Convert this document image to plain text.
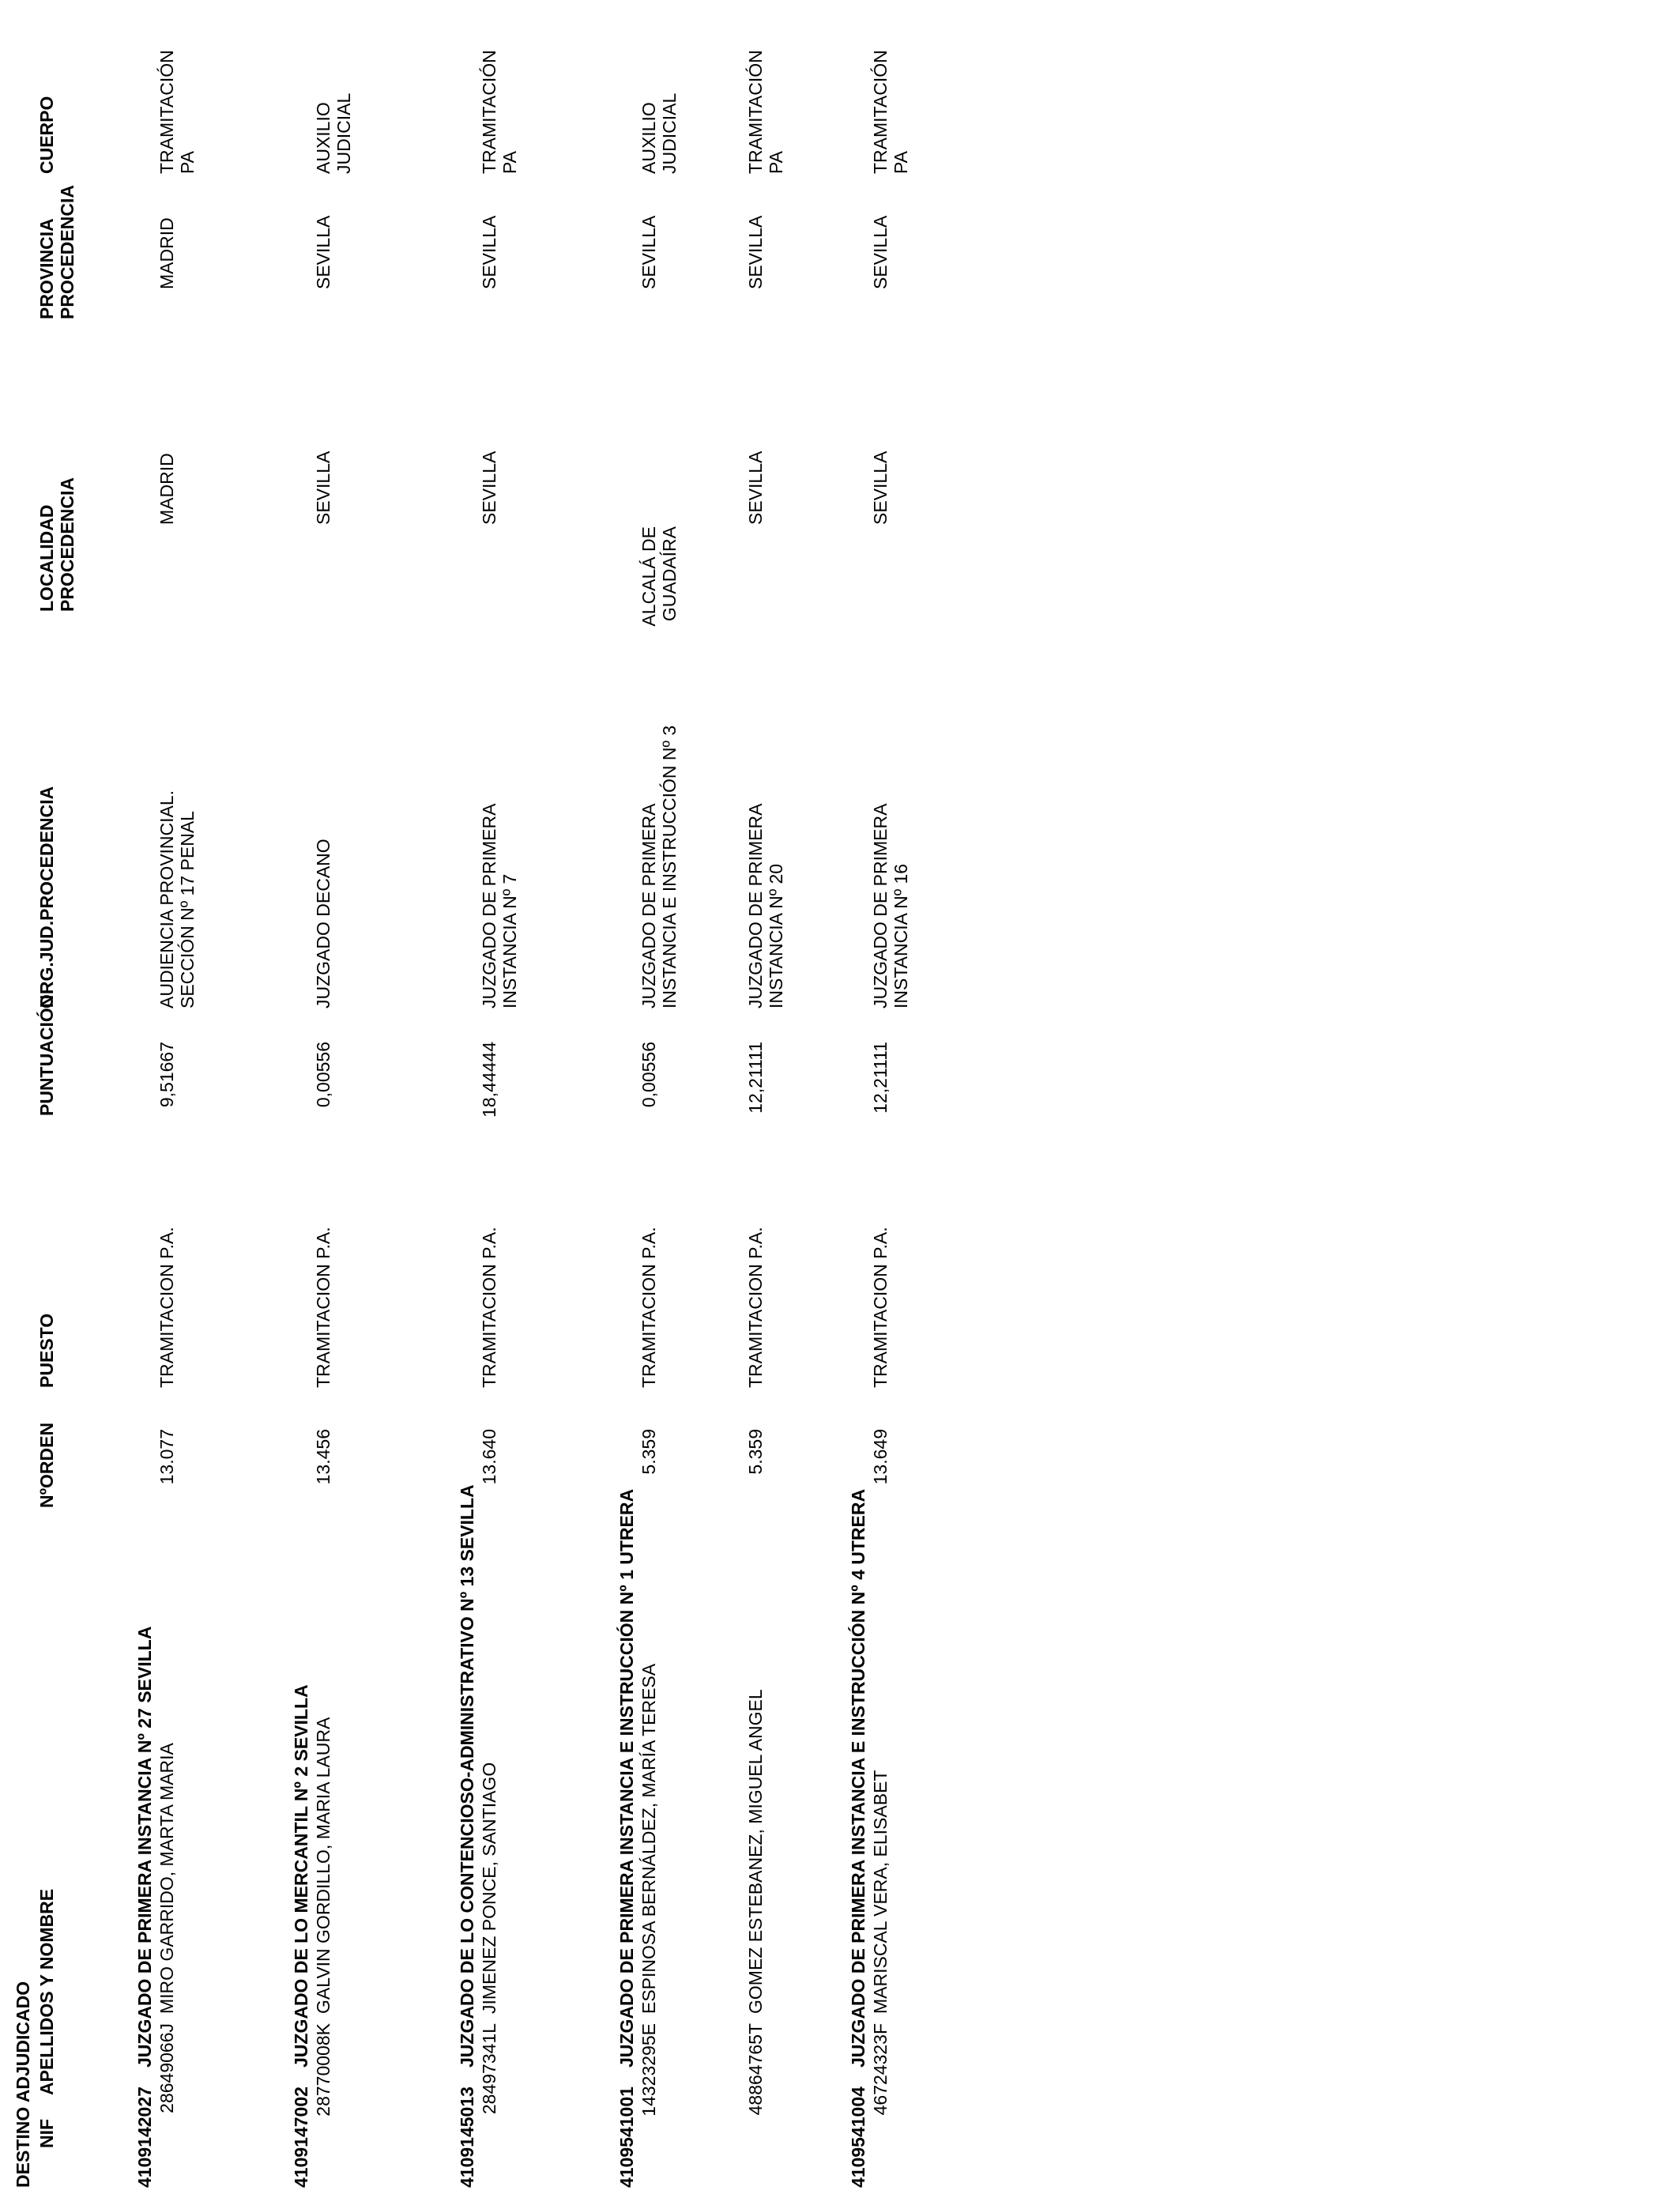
DESTINO ADJUDICADO NIF
APELLIDOS Y NOMBRE
NºORDEN
PUESTO
PUNTUACIÓN
ORG.JUD.PROCEDENCIA
LOCALIDAD PROCEDENCIA
PROVINCIA PROCEDENCIA
CUERPO
4109142027
JUZGADO DE PRIMERA INSTANCIA Nº 27 SEVILLA
28649066J
MIRO GARRIDO, MARTA MARIA
13.077
TRAMITACION P.A.
9,51667
AUDIENCIA PROVINCIAL. SECCIÓN Nº 17 PENAL
MADRID
MADRID
TRAMITACIÓN PA
4109147002
JUZGADO DE LO MERCANTIL Nº 2 SEVILLA
28770008K
GALVIN GORDILLO, MARIA LAURA
13.456
TRAMITACION P.A.
0,00556
JUZGADO DECANO
SEVILLA
SEVILLA
AUXILIO JUDICIAL
4109145013
JUZGADO DE LO CONTENCIOSO-ADMINISTRATIVO Nº 13 SEVILLA
28497341L
JIMENEZ PONCE, SANTIAGO
13.640
TRAMITACION P.A.
18,44444
JUZGADO DE PRIMERA INSTANCIA Nº 7
SEVILLA
SEVILLA
TRAMITACIÓN PA
4109541001
JUZGADO DE PRIMERA INSTANCIA E INSTRUCCIÓN Nº 1 UTRERA
14323295E
ESPINOSA BERNÁLDEZ, MARÍA TERESA
5.359
TRAMITACION P.A.
0,00556
JUZGADO DE PRIMERA INSTANCIA E INSTRUCCIÓN Nº 3
ALCALÁ DE GUADAÍRA
SEVILLA
AUXILIO JUDICIAL
48864765T
GOMEZ ESTEBANEZ, MIGUEL ANGEL
5.359
TRAMITACION P.A.
12,21111
JUZGADO DE PRIMERA INSTANCIA Nº 20
SEVILLA
SEVILLA
TRAMITACIÓN PA
4109541004
JUZGADO DE PRIMERA INSTANCIA E INSTRUCCIÓN Nº 4 UTRERA
46724323F
MARISCAL VERA, ELISABET
13.649
TRAMITACION P.A.
12,21111
JUZGADO DE PRIMERA INSTANCIA Nº 16
SEVILLA
SEVILLA
TRAMITACIÓN PA
